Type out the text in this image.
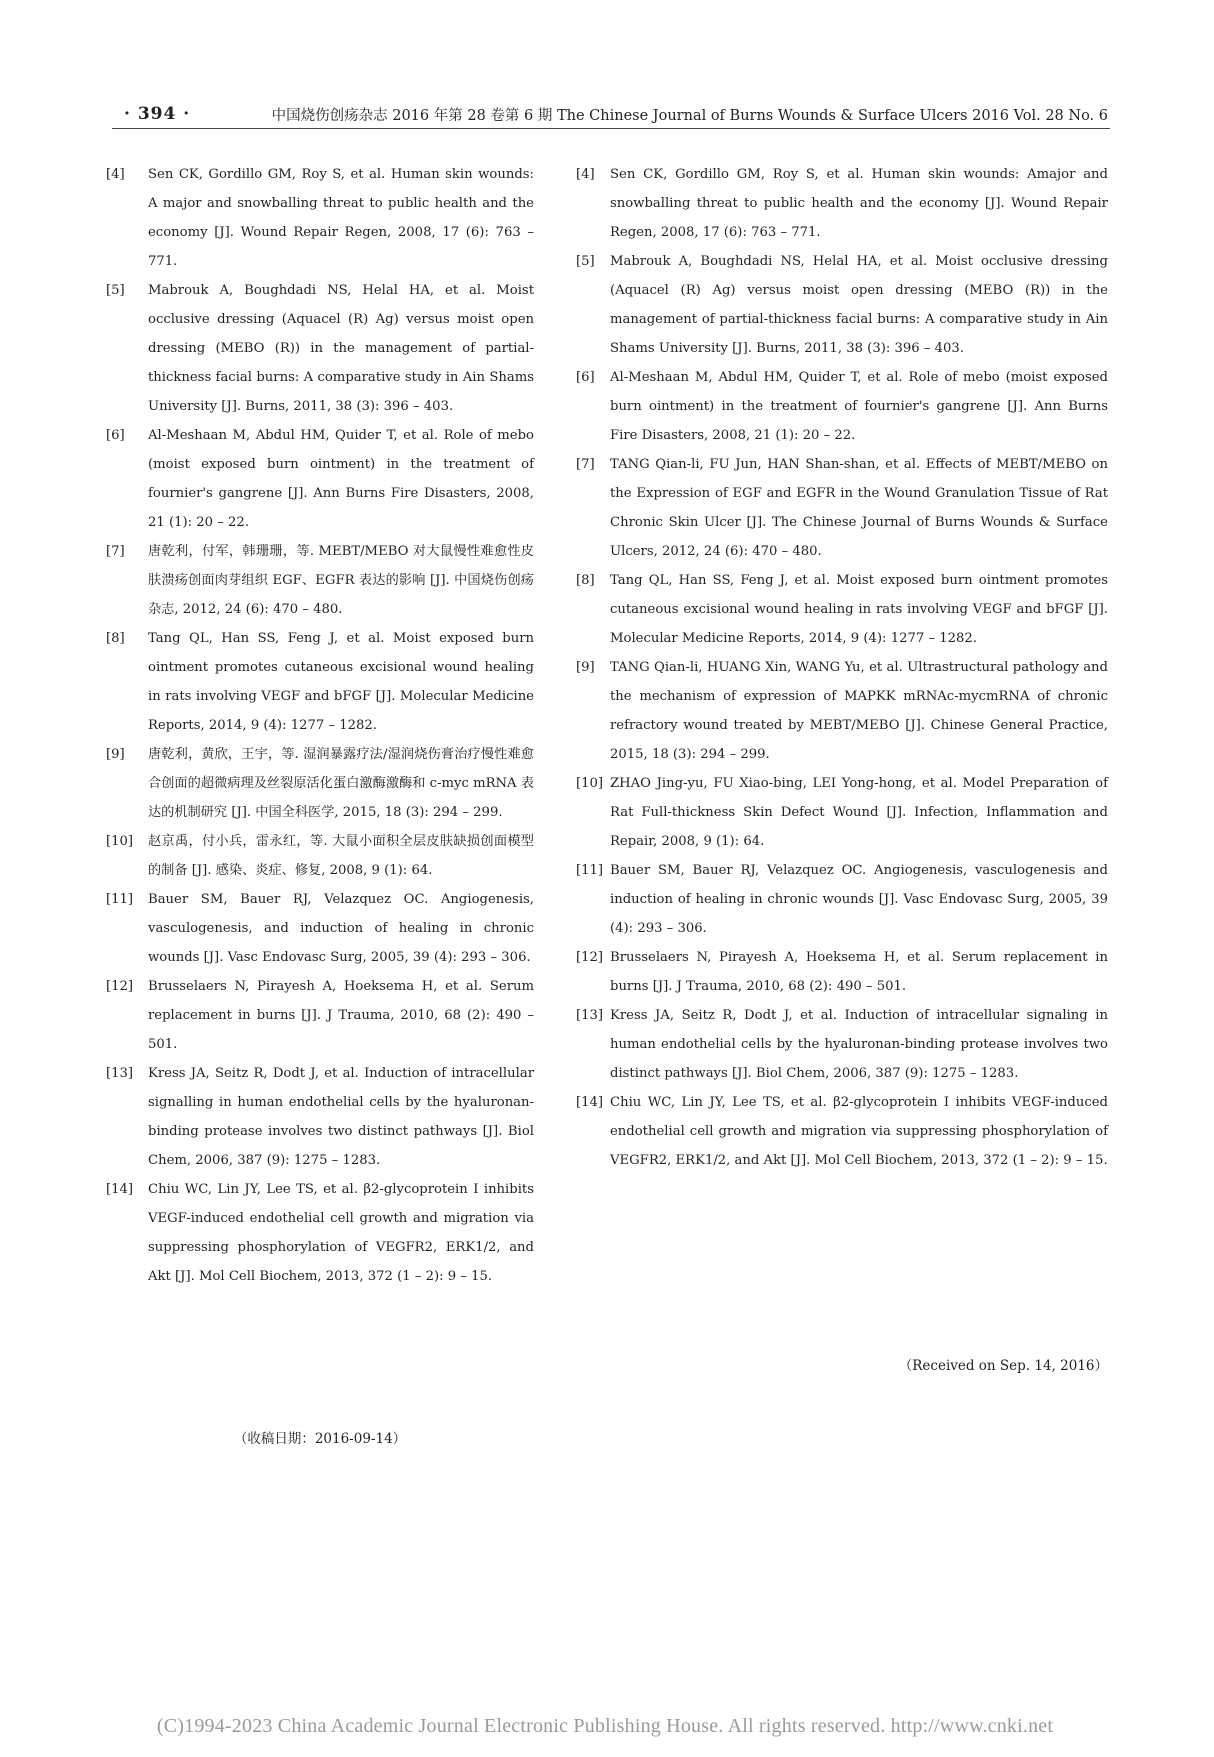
· 394 ·	中国烧伤创疡杂志 2016 年第 28 卷第 6 期 The Chinese Journal of Burns Wounds & Surface Ulcers 2016 Vol. 28 No. 6
[4] Sen CK, Gordillo GM, Roy S, et al. Human skin wounds: A major and snowballing threat to public health and the economy [J]. Wound Repair Regen, 2008, 17 (6): 763 – 771.
[5] Mabrouk A, Boughdadi NS, Helal HA, et al. Moist occlusive dressing (Aquacel (R) Ag) versus moist open dressing (MEBO (R)) in the management of partial-thickness facial burns: A comparative study in Ain Shams University [J]. Burns, 2011, 38 (3): 396 – 403.
[6] Al-Meshaan M, Abdul HM, Quider T, et al. Role of mebo (moist exposed burn ointment) in the treatment of fournier's gangrene [J]. Ann Burns Fire Disasters, 2008, 21 (1): 20 – 22.
[7] 唐乾利，付军，韩珊珊，等. MEBT/MEBO 对大鼠慢性难愈性皮肤溃疡创面肉芽组织 EGF、EGFR 表达的影响 [J]. 中国烧伤创疡杂志, 2012, 24 (6): 470 – 480.
[8] Tang QL, Han SS, Feng J, et al. Moist exposed burn ointment promotes cutaneous excisional wound healing in rats involving VEGF and bFGF [J]. Molecular Medicine Reports, 2014, 9 (4): 1277 – 1282.
[9] 唐乾利，黄欣，王宇，等. 湿润暴露疗法/湿润烧伤膏治疗慢性难愈合创面的超微病理及丝裂原活化蛋白激酶激酶和 c-myc mRNA 表达的机制研究 [J]. 中国全科医学, 2015, 18 (3): 294 – 299.
[10] 赵京禹，付小兵，雷永红，等. 大鼠小面积全层皮肤缺损创面模型的制备 [J]. 感染、炎症、修复, 2008, 9 (1): 64.
[11] Bauer SM, Bauer RJ, Velazquez OC. Angiogenesis, vasculogenesis, and induction of healing in chronic wounds [J]. Vasc Endovasc Surg, 2005, 39 (4): 293 – 306.
[12] Brusselaers N, Pirayesh A, Hoeksema H, et al. Serum replacement in burns [J]. J Trauma, 2010, 68 (2): 490 – 501.
[13] Kress JA, Seitz R, Dodt J, et al. Induction of intracellular signalling in human endothelial cells by the hyaluronan-binding protease involves two distinct pathways [J]. Biol Chem, 2006, 387 (9): 1275 – 1283.
[14] Chiu WC, Lin JY, Lee TS, et al. β2-glycoprotein I inhibits VEGF-induced endothelial cell growth and migration via suppressing phosphorylation of VEGFR2, ERK1/2, and Akt [J]. Mol Cell Biochem, 2013, 372 (1 – 2): 9 – 15.
（收稿日期：2016-09-14）
[4] Sen CK, Gordillo GM, Roy S, et al. Human skin wounds: Amajor and snowballing threat to public health and the economy [J]. Wound Repair Regen, 2008, 17 (6): 763 – 771.
[5] Mabrouk A, Boughdadi NS, Helal HA, et al. Moist occlusive dressing (Aquacel (R) Ag) versus moist open dressing (MEBO (R)) in the management of partial-thickness facial burns: A comparative study in Ain Shams University [J]. Burns, 2011, 38 (3): 396 – 403.
[6] Al-Meshaan M, Abdul HM, Quider T, et al. Role of mebo (moist exposed burn ointment) in the treatment of fournier's gangrene [J]. Ann Burns Fire Disasters, 2008, 21 (1): 20 – 22.
[7] TANG Qian-li, FU Jun, HAN Shan-shan, et al. Effects of MEBT/MEBO on the Expression of EGF and EGFR in the Wound Granulation Tissue of Rat Chronic Skin Ulcer [J]. The Chinese Journal of Burns Wounds & Surface Ulcers, 2012, 24 (6): 470 – 480.
[8] Tang QL, Han SS, Feng J, et al. Moist exposed burn ointment promotes cutaneous excisional wound healing in rats involving VEGF and bFGF [J]. Molecular Medicine Reports, 2014, 9 (4): 1277 – 1282.
[9] TANG Qian-li, HUANG Xin, WANG Yu, et al. Ultrastructural pathology and the mechanism of expression of MAPKK mRNAc-mycmRNA of chronic refractory wound treated by MEBT/MEBO [J]. Chinese General Practice, 2015, 18 (3): 294 – 299.
[10] ZHAO Jing-yu, FU Xiao-bing, LEI Yong-hong, et al. Model Preparation of Rat Full-thickness Skin Defect Wound [J]. Infection, Inflammation and Repair, 2008, 9 (1): 64.
[11] Bauer SM, Bauer RJ, Velazquez OC. Angiogenesis, vasculogenesis and induction of healing in chronic wounds [J]. Vasc Endovasc Surg, 2005, 39 (4): 293 – 306.
[12] Brusselaers N, Pirayesh A, Hoeksema H, et al. Serum replacement in burns [J]. J Trauma, 2010, 68 (2): 490 – 501.
[13] Kress JA, Seitz R, Dodt J, et al. Induction of intracellular signaling in human endothelial cells by the hyaluronan-binding protease involves two distinct pathways [J]. Biol Chem, 2006, 387 (9): 1275 – 1283.
[14] Chiu WC, Lin JY, Lee TS, et al. β2-glycoprotein I inhibits VEGF-induced endothelial cell growth and migration via suppressing phosphorylation of VEGFR2, ERK1/2, and Akt [J]. Mol Cell Biochem, 2013, 372 (1 – 2): 9 – 15.
（Received on Sep. 14, 2016）
(C)1994-2023 China Academic Journal Electronic Publishing House. All rights reserved. http://www.cnki.net
